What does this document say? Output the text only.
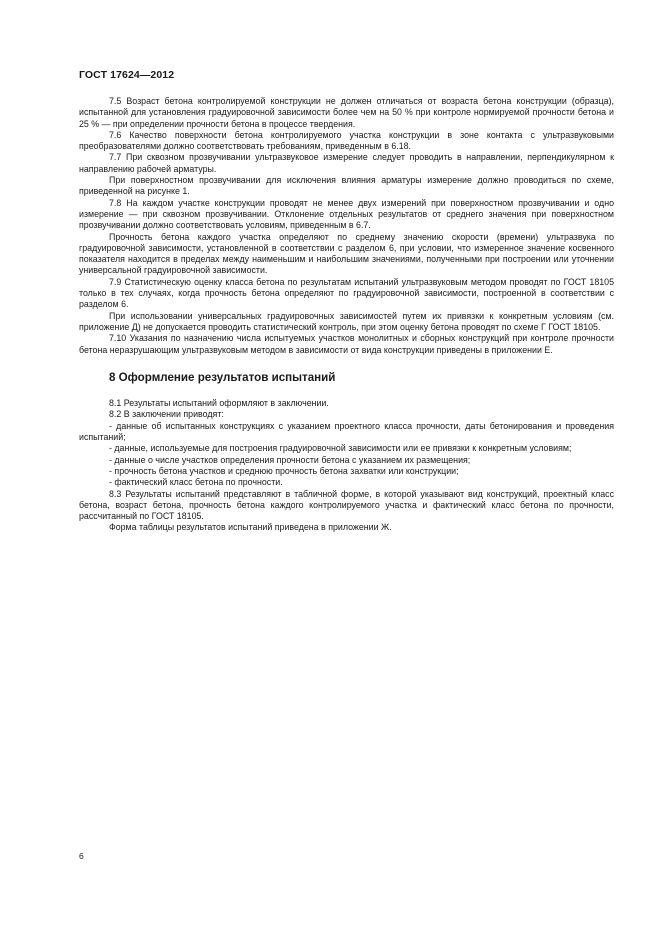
ГОСТ 17624—2012

7.5 Возраст бетона контролируемой конструкции не должен отличаться от возраста бетона конструкции (образца), испытанной для установления градуировочной зависимости более чем на 50 % при контроле нормируемой прочности бетона и 25 % — при определении прочности бетона в процессе твердения.

7.6 Качество поверхности бетона контролируемого участка конструкции в зоне контакта с ультразвуковыми преобразователями должно соответствовать требованиям, приведенным в 6.18.

7.7 При сквозном прозвучивании ультразвуковое измерение следует проводить в направлении, перпендикулярном к направлению рабочей арматуры.

При поверхностном прозвучивании для исключения влияния арматуры измерение должно проводиться по схеме, приведенной на рисунке 1.

7.8 На каждом участке конструкции проводят не менее двух измерений при поверхностном прозвучивании и одно измерение — при сквозном прозвучивании. Отклонение отдельных результатов от среднего значения при поверхностном прозвучивании должно соответствовать условиям, приведенным в 6.7.

Прочность бетона каждого участка определяют по среднему значению скорости (времени) ультразвука по градуировочной зависимости, установленной в соответствии с разделом 6, при условии, что измеренное значение косвенного показателя находится в пределах между наименьшим и наибольшим значениями, полученными при построении или уточнении универсальной градуировочной зависимости.

7.9 Статистическую оценку класса бетона по результатам испытаний ультразвуковым методом проводят по ГОСТ 18105 только в тех случаях, когда прочность бетона определяют по градуировочной зависимости, построенной в соответствии с разделом 6.

При использовании универсальных градуировочных зависимостей путем их привязки к конкретным условиям (см. приложение Д) не допускается проводить статистический контроль, при этом оценку бетона проводят по схеме Г ГОСТ 18105.

7.10 Указания по назначению числа испытуемых участков монолитных и сборных конструкций при контроле прочности бетона неразрушающим ультразвуковым методом в зависимости от вида конструкции приведены в приложении Е.

8 Оформление результатов испытаний

8.1 Результаты испытаний оформляют в заключении.

8.2 В заключении приводят:

- данные об испытанных конструкциях с указанием проектного класса прочности, даты бетонирования и проведения испытаний;

- данные, используемые для построения градуировочной зависимости или ее привязки к конкретным условиям;

- данные о числе участков определения прочности бетона с указанием их размещения;

- прочность бетона участков и среднюю прочность бетона захватки или конструкции;

- фактический класс бетона по прочности.

8.3 Результаты испытаний представляют в табличной форме, в которой указывают вид конструкций, проектный класс бетона, возраст бетона, прочность бетона каждого контролируемого участка и фактический класс бетона по прочности, рассчитанный по ГОСТ 18105.

Форма таблицы результатов испытаний приведена в приложении Ж.

6
